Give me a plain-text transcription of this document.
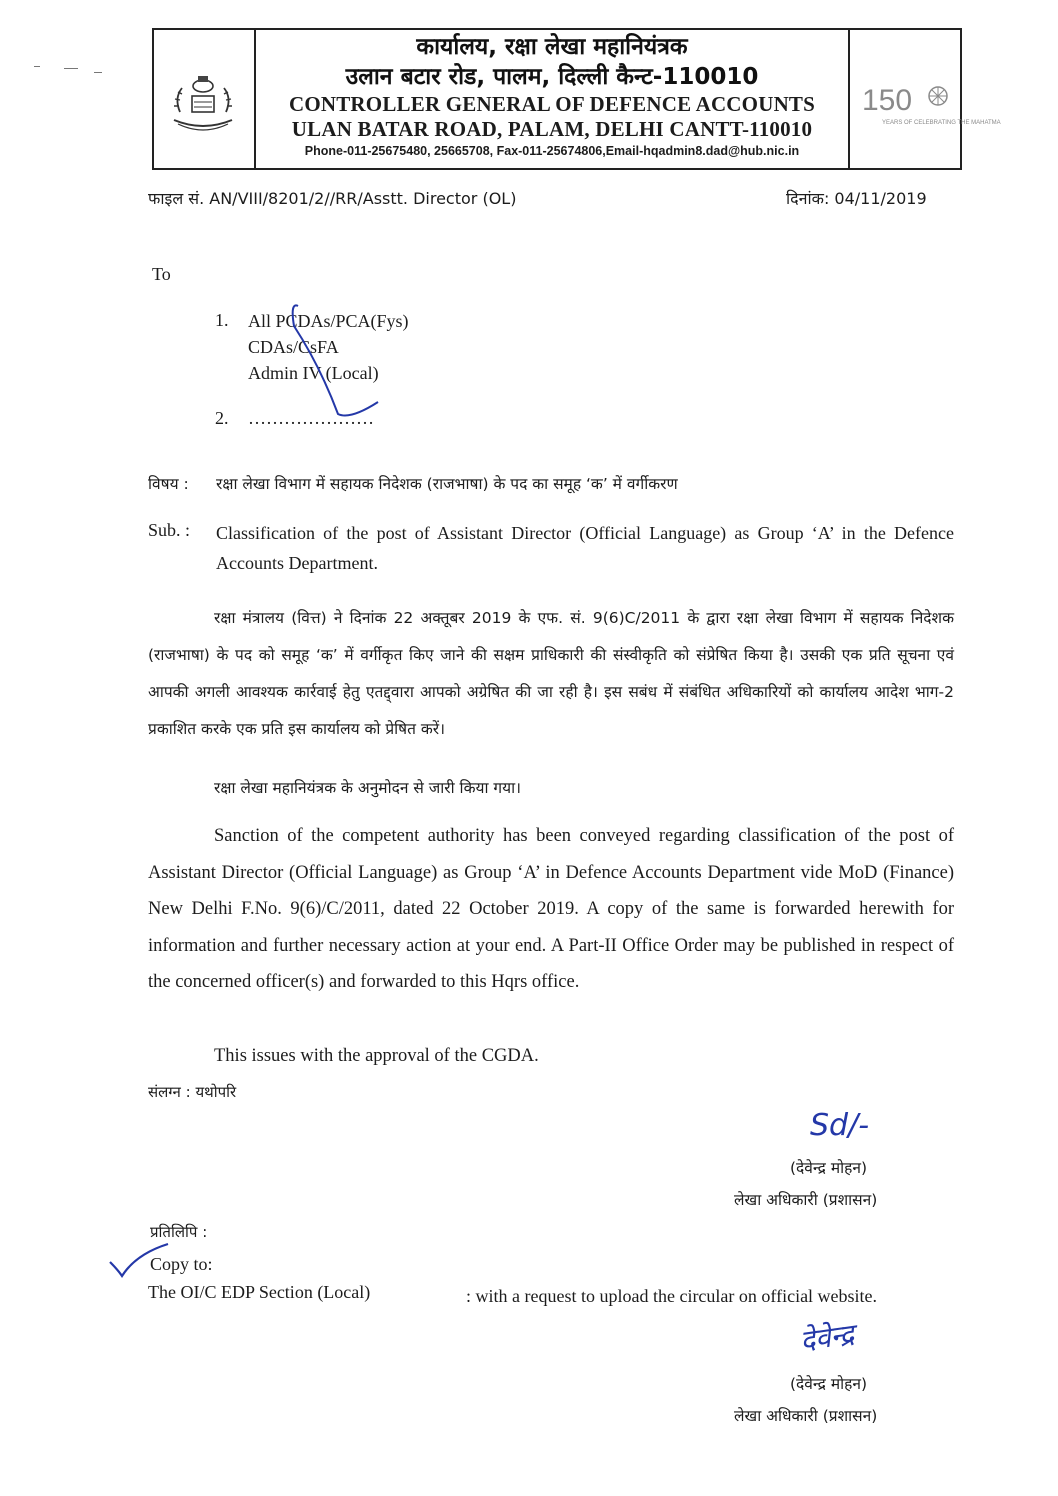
कार्यालय, रक्षा लेखा महानियंत्रक
उलान बटार रोड, पालम, दिल्ली कैन्ट-110010
CONTROLLER GENERAL OF DEFENCE ACCOUNTS
ULAN BATAR ROAD, PALAM, DELHI CANTT-110010
Phone-011-25675480, 25665708, Fax-011-25674806,Email-hqadmin8.dad@hub.nic.in
150
YEARS OF CELEBRATING THE MAHATMA
फाइल सं. AN/VIII/8201/2//RR/Asstt. Director (OL)	दिनांक: 04/11/2019
To
1. All PCDAs/PCA(Fys)
CDAs/CsFA
Admin IV (Local)
2. …………………
विषय : रक्षा लेखा विभाग में सहायक निदेशक (राजभाषा) के पद का समूह ‘क’ में वर्गीकरण
Sub. : Classification of the post of Assistant Director (Official Language) as Group ‘A’ in the Defence Accounts Department.
रक्षा मंत्रालय (वित्त) ने दिनांक 22 अक्तूबर 2019 के एफ. सं. 9(6)C/2011 के द्वारा रक्षा लेखा विभाग में सहायक निदेशक (राजभाषा) के पद को समूह ‘क’ में वर्गीकृत किए जाने की सक्षम प्राधिकारी की संस्वीकृति को संप्रेषित किया है। उसकी एक प्रति सूचना एवं आपकी अगली आवश्यक कार्रवाई हेतु एतद्द्वारा आपको अग्रेषित की जा रही है। इस सबंध में संबंधित अधिकारियों को कार्यालय आदेश भाग-2 प्रकाशित करके एक प्रति इस कार्यालय को प्रेषित करें।
रक्षा लेखा महानियंत्रक के अनुमोदन से जारी किया गया।
Sanction of the competent authority has been conveyed regarding classification of the post of Assistant Director (Official Language) as Group ‘A’ in Defence Accounts Department vide MoD (Finance) New Delhi F.No. 9(6)/C/2011, dated 22 October 2019. A copy of the same is forwarded herewith for information and further necessary action at your end. A Part-II Office Order may be published in respect of the concerned officer(s) and forwarded to this Hqrs office.
This issues with the approval of the CGDA.
संलग्न : यथोपरि
Sd/-
(देवेन्द्र मोहन)
लेखा अधिकारी (प्रशासन)
प्रतिलिपि :
Copy to:
The OI/C EDP Section (Local)	: with a request to upload the circular on official website.
देवेन्द्र
(देवेन्द्र मोहन)
लेखा अधिकारी (प्रशासन)
